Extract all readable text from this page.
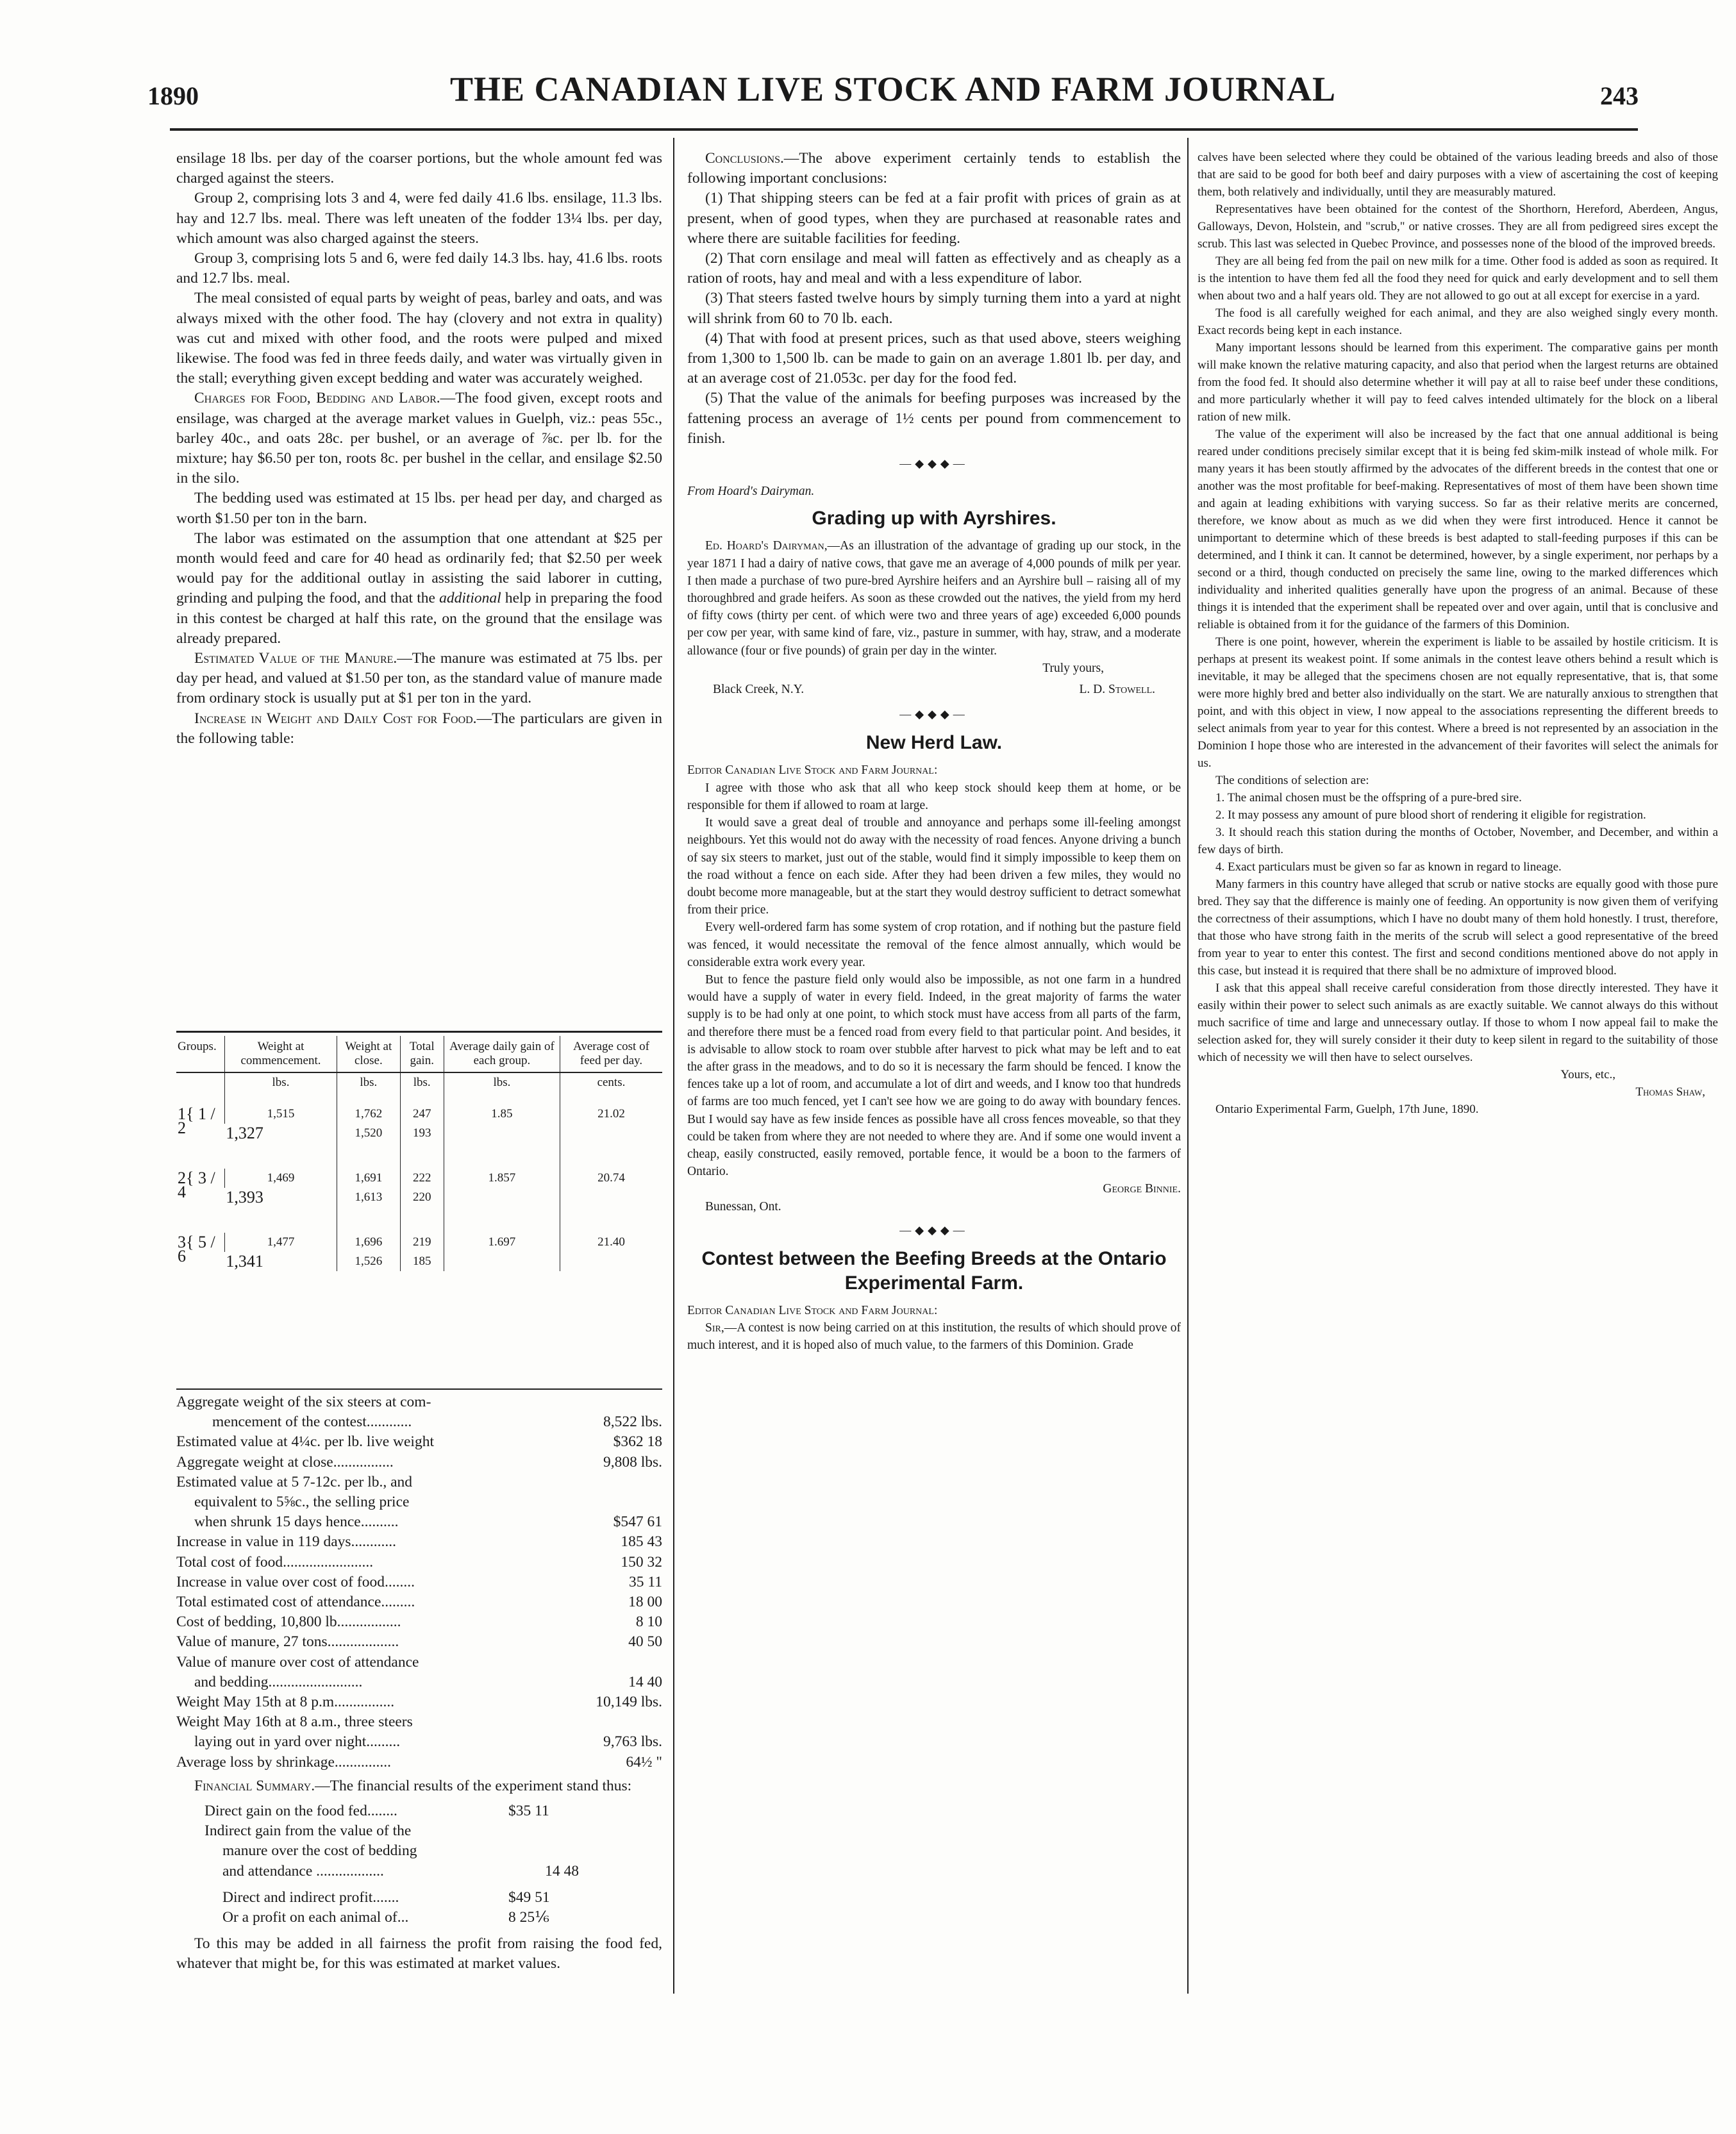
1890	THE CANADIAN LIVE STOCK AND FARM JOURNAL	243

ensilage 18 lbs. per day of the coarser portions, but the whole amount fed was charged against the steers.

Group 2, comprising lots 3 and 4, were fed daily 41.6 lbs. ensilage, 11.3 lbs. hay and 12.7 lbs. meal. There was left uneaten of the fodder 13¼ lbs. per day, which amount was also charged against the steers.

Group 3, comprising lots 5 and 6, were fed daily 14.3 lbs. hay, 41.6 lbs. roots and 12.7 lbs. meal.

The meal consisted of equal parts by weight of peas, barley and oats, and was always mixed with the other food. The hay (clovery and not extra in quality) was cut and mixed with other food, and the roots were pulped and mixed likewise. The food was fed in three feeds daily, and water was virtually given in the stall; everything given except bedding and water was accurately weighed.

Charges for Food, Bedding and Labor.—The food given, except roots and ensilage, was charged at the average market values in Guelph, viz.: peas 55c., barley 40c., and oats 28c. per bushel, or an average of ⅞c. per lb. for the mixture; hay $6.50 per ton, roots 8c. per bushel in the cellar, and ensilage $2.50 in the silo.

The bedding used was estimated at 15 lbs. per head per day, and charged as worth $1.50 per ton in the barn.

The labor was estimated on the assumption that one attendant at $25 per month would feed and care for 40 head as ordinarily fed; that $2.50 per week would pay for the additional outlay in assisting the said laborer in cutting, grinding and pulping the food, and that the additional help in preparing the food in this contest be charged at half this rate, on the ground that the ensilage was already prepared.

Estimated Value of the Manure.—The manure was estimated at 75 lbs. per day per head, and valued at $1.50 per ton, as the standard value of manure made from ordinary stock is usually put at $1 per ton in the yard.

Increase in Weight and Daily Cost for Food.—The particulars are given in the following table:

Groups.	Weight at commencement.	Weight at close.	Total gain.	Average daily gain of each group.	Average cost of feed per day.
	lbs.	lbs.	lbs.	lbs.	cents.
1{ 1 / 2	1,515	1,762	247	1.85	21.02
	1,327	1,520	193		
2{ 3 / 4	1,469	1,691	222	1.857	20.74
	1,393	1,613	220		
3{ 5 / 6	1,477	1,696	219	1.697	21.40
	1,341	1,526	185		
Aggregate weight of the six steers at com-
mencement of the contest............	8,522 lbs.
Estimated value at 4¼c. per lb. live weight	$362 18
Aggregate weight at close................	9,808 lbs.
Estimated value at 5 7-12c. per lb., and
equivalent to 5⅝c., the selling price
when shrunk 15 days hence..........	$547 61
Increase in value in 119 days............	185 43
Total cost of food........................	150 32
Increase in value over cost of food........	35 11
Total estimated cost of attendance.........	18 00
Cost of bedding, 10,800 lb.................	8 10
Value of manure, 27 tons...................	40 50
Value of manure over cost of attendance
and bedding.........................	14 40
Weight May 15th at 8 p.m................	10,149 lbs.
Weight May 16th at 8 a.m., three steers
laying out in yard over night.........	9,763 lbs.
Average loss by shrinkage...............	64½ "
Financial Summary.—The financial results of the experiment stand thus:
Direct gain on the food fed........	$35 11
Indirect gain from the value of the
manure over the cost of bedding
and attendance ..................	14 48
Direct and indirect profit.......	$49 51
Or a profit on each animal of...	8 25⅙
To this may be added in all fairness the profit from raising the food fed, whatever that might be, for this was estimated at market values.

Conclusions.—The above experiment certainly tends to establish the following important conclusions:

(1) That shipping steers can be fed at a fair profit with prices of grain as at present, when of good types, when they are purchased at reasonable rates and where there are suitable facilities for feeding.

(2) That corn ensilage and meal will fatten as effectively and as cheaply as a ration of roots, hay and meal and with a less expenditure of labor.

(3) That steers fasted twelve hours by simply turning them into a yard at night will shrink from 60 to 70 lb. each.

(4) That with food at present prices, such as that used above, steers weighing from 1,300 to 1,500 lb. can be made to gain on an average 1.801 lb. per day, and at an average cost of 21.053c. per day for the food fed.

(5) That the value of the animals for beefing purposes was increased by the fattening process an average of 1½ cents per pound from commencement to finish.

—◆◆◆—

From Hoard's Dairyman.

Grading up with Ayrshires.

Ed. Hoard's Dairyman,—As an illustration of the advantage of grading up our stock, in the year 1871 I had a dairy of native cows, that gave me an average of 4,000 pounds of milk per year. I then made a purchase of two pure-bred Ayrshire heifers and an Ayrshire bull – raising all of my thoroughbred and grade heifers. As soon as these crowded out the natives, the yield from my herd of fifty cows (thirty per cent. of which were two and three years of age) exceeded 6,000 pounds per cow per year, with same kind of fare, viz., pasture in summer, with hay, straw, and a moderate allowance (four or five pounds) of grain per day in the winter.

Truly yours,

Black Creek, N.Y.	L. D. Stowell.
—◆◆◆—
New Herd Law.

Editor Canadian Live Stock and Farm Journal:

I agree with those who ask that all who keep stock should keep them at home, or be responsible for them if allowed to roam at large.

It would save a great deal of trouble and annoyance and perhaps some ill-feeling amongst neighbours. Yet this would not do away with the necessity of road fences. Anyone driving a bunch of say six steers to market, just out of the stable, would find it simply impossible to keep them on the road without a fence on each side. After they had been driven a few miles, they would no doubt become more manageable, but at the start they would destroy sufficient to detract somewhat from their price.

Every well-ordered farm has some system of crop rotation, and if nothing but the pasture field was fenced, it would necessitate the removal of the fence almost annually, which would be considerable extra work every year.

But to fence the pasture field only would also be impossible, as not one farm in a hundred would have a supply of water in every field. Indeed, in the great majority of farms the water supply is to be had only at one point, to which stock must have access from all parts of the farm, and therefore there must be a fenced road from every field to that particular point. And besides, it is advisable to allow stock to roam over stubble after harvest to pick what may be left and to eat the after grass in the meadows, and to do so it is necessary the farm should be fenced. I know the fences take up a lot of room, and accumulate a lot of dirt and weeds, and I know too that hundreds of farms are too much fenced, yet I can't see how we are going to do away with boundary fences. But I would say have as few inside fences as possible have all cross fences moveable, so that they could be taken from where they are not needed to where they are. And if some one would invent a cheap, easily constructed, easily removed, portable fence, it would be a boon to the farmers of Ontario.

George Binnie.

Bunessan, Ont.

—◆◆◆—
Contest between the Beefing Breeds at the Ontario Experimental Farm.

Editor Canadian Live Stock and Farm Journal:

Sir,—A contest is now being carried on at this institution, the results of which should prove of much interest, and it is hoped also of much value, to the farmers of this Dominion. Grade

calves have been selected where they could be obtained of the various leading breeds and also of those that are said to be good for both beef and dairy purposes with a view of ascertaining the cost of keeping them, both relatively and individually, until they are measurably matured.

Representatives have been obtained for the contest of the Shorthorn, Hereford, Aberdeen, Angus, Galloways, Devon, Holstein, and "scrub," or native crosses. They are all from pedigreed sires except the scrub. This last was selected in Quebec Province, and possesses none of the blood of the improved breeds.

They are all being fed from the pail on new milk for a time. Other food is added as soon as required. It is the intention to have them fed all the food they need for quick and early development and to sell them when about two and a half years old. They are not allowed to go out at all except for exercise in a yard.

The food is all carefully weighed for each animal, and they are also weighed singly every month. Exact records being kept in each instance.

Many important lessons should be learned from this experiment. The comparative gains per month will make known the relative maturing capacity, and also that period when the largest returns are obtained from the food fed. It should also determine whether it will pay at all to raise beef under these conditions, and more particularly whether it will pay to feed calves intended ultimately for the block on a liberal ration of new milk.

The value of the experiment will also be increased by the fact that one annual additional is being reared under conditions precisely similar except that it is being fed skim-milk instead of whole milk. For many years it has been stoutly affirmed by the advocates of the different breeds in the contest that one or another was the most profitable for beef-making. Representatives of most of them have been shown time and again at leading exhibitions with varying success. So far as their relative merits are concerned, therefore, we know about as much as we did when they were first introduced. Hence it cannot be unimportant to determine which of these breeds is best adapted to stall-feeding purposes if this can be determined, and I think it can. It cannot be determined, however, by a single experiment, nor perhaps by a second or a third, though conducted on precisely the same line, owing to the marked differences which individuality and inherited qualities generally have upon the progress of an animal. Because of these things it is intended that the experiment shall be repeated over and over again, until that is conclusive and reliable is obtained from it for the guidance of the farmers of this Dominion.

There is one point, however, wherein the experiment is liable to be assailed by hostile criticism. It is perhaps at present its weakest point. If some animals in the contest leave others behind a result which is inevitable, it may be alleged that the specimens chosen are not equally representative, that is, that some were more highly bred and better also individually on the start. We are naturally anxious to strengthen that point, and with this object in view, I now appeal to the associations representing the different breeds to select animals from year to year for this contest. Where a breed is not represented by an association in the Dominion I hope those who are interested in the advancement of their favorites will select the animals for us.

The conditions of selection are:

1. The animal chosen must be the offspring of a pure-bred sire.

2. It may possess any amount of pure blood short of rendering it eligible for registration.

3. It should reach this station during the months of October, November, and December, and within a few days of birth.

4. Exact particulars must be given so far as known in regard to lineage.

Many farmers in this country have alleged that scrub or native stocks are equally good with those pure bred. They say that the difference is mainly one of feeding. An opportunity is now given them of verifying the correctness of their assumptions, which I have no doubt many of them hold honestly. I trust, therefore, that those who have strong faith in the merits of the scrub will select a good representative of the breed from year to year to enter this contest. The first and second conditions mentioned above do not apply in this case, but instead it is required that there shall be no admixture of improved blood.

I ask that this appeal shall receive careful consideration from those directly interested. They have it easily within their power to select such animals as are exactly suitable. We cannot always do this without much sacrifice of time and large and unnecessary outlay. If those to whom I now appeal fail to make the selection asked for, they will surely consider it their duty to keep silent in regard to the suitability of those which of necessity we will then have to select ourselves.

Yours, etc.,

Thomas Shaw,

Ontario Experimental Farm, Guelph, 17th June, 1890.
